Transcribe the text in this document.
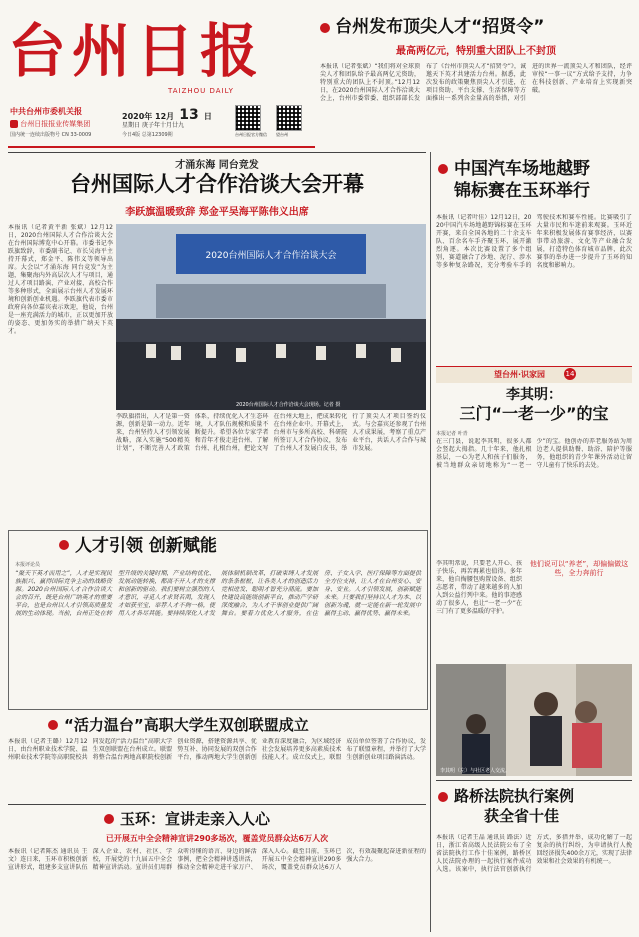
台州日报
TAIZHOU DAILY
中共台州市委机关报
台州日报报业传媒集团
国内统一连续出版物号 CN 33-0009
2020年 12月 13 日
星期日 庚子年十月廿九
今日4版 总第12309期	台州日报官方微信 望台州
台州发布顶尖人才“招贤令”
最高两亿元，特别重大团队上不封顶
本报讯（记者张斌）“我们将对全球顶尖人才和团队给予最高两亿元资助，特别重大的团队上不封顶。”12月12日，在2020台州国际人才合作洽谈大会上，台州市委常委、组织部部长发布了《台州市顶尖人才“招贤令”》，诚邀天下英才共建活力台州。据悉，此次发布的政策聚焦顶尖人才引进，在项目资助、平台支撑、生活保障等方面推出一系列含金量高的举措，对引进的世界一流顶尖人才和团队，经评审按“一事一议”方式给予支持，力争在科技创新、产业培育上实现新突破。
才涌东海 同台竞发
台州国际人才合作洽谈大会开幕
李跃旗温暖致辞 郑金平吴海平陈伟义出席
本报讯（记者黄平新 张斌）12月12日，2020台州国际人才合作洽谈大会在台州国际博览中心开幕。市委书记李跃旗致辞，市委副书记、市长吴海平主持开幕式，郑金平、陈伟义等领导出席。大会以“才涌东海 同台竞发”为主题，集聚海内外高层次人才与项目，通过人才项目路演、产业对接、高校合作等多种形式，全面展示台州人才发展环境和创新创业机遇。李跃旗代表市委市政府向各位嘉宾表示欢迎，他说，台州是一座充满活力的城市，正以更加开放的姿态、更加务实的举措广纳天下英才。
2020台州国际人才合作洽谈大会
2020台州国际人才合作洽谈大会现场。记者 摄
李跃旗指出，人才是第一资源，创新是第一动力。近年来，台州坚持人才引领发展战略，深入实施“500精英计划”，不断完善人才政策体系，持续优化人才生态环境，人才队伍规模和质量不断提升。希望各位专家学者和青年才俊走进台州、了解台州、扎根台州，把论文写在台州大地上，把成果转化在台州企业中。开幕式上，台州市与多所高校、科研院所签订人才合作协议，发布了台州人才发展白皮书，举行了顶尖人才项目签约仪式。与会嘉宾还参观了台州人才成果展，考察了重点产业平台，共话人才合作与城市发展。
中国汽车场地越野
锦标赛在玉环举行
本报讯（记者叶佳）12月12日，2020中国汽车场地越野锦标赛在玉环开赛，来自全国各地的二十余支车队、百余名车手齐聚玉环，展开激烈角逐。本次比赛设置了多个组别，赛道融合了沙地、泥泞、涉水等多种复杂路况，充分考验车手的驾驶技术和赛车性能。比赛吸引了大量市民和车迷前来观赛。玉环近年来积极发展体育赛事经济，以赛事带动旅游、文化等产业融合发展，打造特色体育城市品牌，此次赛事的举办进一步提升了玉环的知名度和影响力。
望台州·识家园	14
李其明：
三门“一老一少”的宝
本报记者 叶青
在三门县，说起李其明，很多人都会竖起大拇指。几十年来，他扎根基层，一心为老人和孩子们服务，被当地群众亲切地称为“一老一少”的宝。他创办的养老服务站为周边老人提供助餐、助浴、陪护等服务，他组织的青少年课外活动让留守儿童有了快乐的去处。
他们说可以“养老”，却偏偏做这些，全力奔前行
李其明常说，只要老人开心、孩子快乐，再苦再累也值得。多年来，他自掏腰包购置设备、组织志愿者，带动了越来越多的人加入到公益行列中来。他的事迹感动了很多人，也让“一老一少”在三门有了更多温暖的守护。
李其明（左）与社区老人交流。
路桥法院执行案例
获全省十佳
本报讯（记者王晶 通讯员 路法）近日，浙江省高级人民法院公布了全省法院执行工作十佳案例，路桥区人民法院办理的一起执行案件成功入选。该案中，执行法官创新执行方式，多措并举，成功化解了一起复杂的执行纠纷，为申请执行人挽回经济损失400余万元，实现了法律效果和社会效果的有机统一。
人才引领 创新赋能
本报评论员
“聚天下英才而用之”，人才是实现民族振兴、赢得国际竞争主动的战略资源。2020台州国际人才合作洽谈大会的召开，既是台州广纳英才的重要平台，也是台州以人才引领高质量发展的生动体现。当前，台州正处在转型升级的关键时期，产业结构优化、发展动能转换，都离不开人才的支撑和创新的驱动。我们要树立强烈的人才意识，寻觅人才求贤若渴，发现人才如获至宝，举荐人才不拘一格，使用人才各尽其能。要持续深化人才发展体制机制改革，打破束缚人才发展的条条框框，让各类人才的创造活力竞相迸发、聪明才智充分涌流。要加快建设高能级创新平台，推动产学研深度融合，为人才干事创业提供广阔舞台。要着力优化人才服务，在住房、子女入学、医疗保障等方面提供全方位支持，让人才在台州安心、安身、安业。人才引领发展，创新赋能未来。只要我们坚持以人才为本、以创新为魂，就一定能在新一轮发展中赢得主动、赢得优势、赢得未来。
“活力温台”高职大学生双创联盟成立
本报讯（记者王璐）12月12日，由台州职业技术学院、温州职业技术学院等高职院校共同发起的“活力温台”高职大学生双创联盟在台州成立。联盟将整合温台两地高职院校创新创业资源，搭建资源共享、优势互补、协同发展的双创合作平台，推动两地大学生创新创业教育深度融合，为区域经济社会发展培养更多高素质技术技能人才。成立仪式上，联盟成员单位签署了合作协议，发布了联盟章程，并举行了大学生创新创业项目路演活动。
玉环：宣讲走亲入人心
已开展五中全会精神宣讲290多场次，覆盖党员群众达6万人次
本报讯（记者陈杰 通讯员 王文）连日来，玉环市积极创新宣讲形式，组建多支宣讲队伍深入企业、农村、社区、学校，开展党的十九届五中全会精神宣讲活动。宣讲员们用群众听得懂的语言、身边的鲜活事例，把全会精神讲透讲活，推动全会精神走进千家万户、深入人心。截至目前，玉环已开展五中全会精神宣讲290多场次，覆盖党员群众达6万人次，有效凝聚起奋进新征程的强大合力。
